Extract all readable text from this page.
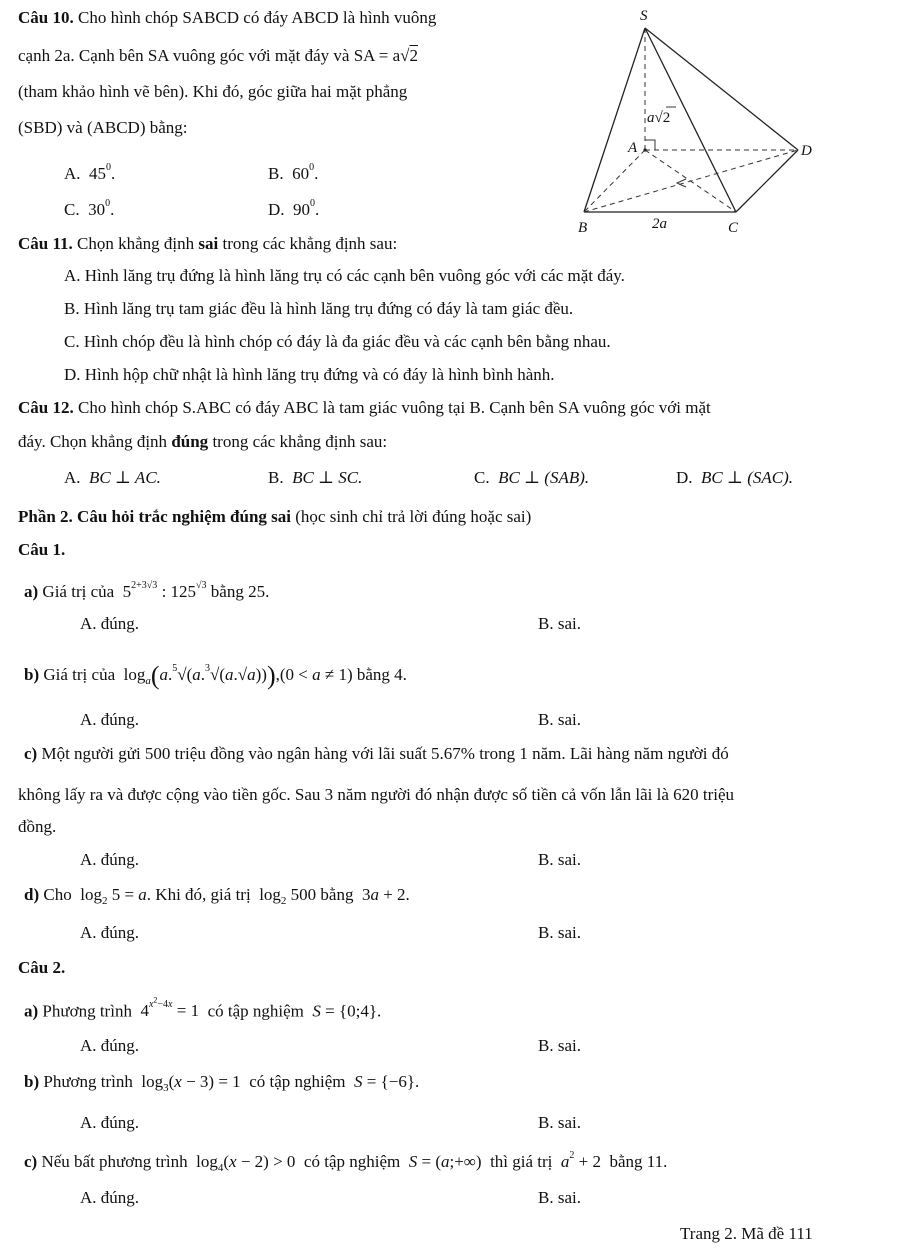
Câu 10. Cho hình chóp SABCD có đáy ABCD là hình vuông
cạnh 2a. Cạnh bên SA vuông góc với mặt đáy và SA = a√2
(tham khảo hình vẽ bên). Khi đó, góc giữa hai mặt phẳng
(SBD) và (ABCD) bằng:
A. $45^0$.	B. $60^0$.
C. $30^0$.	D. $90^0$.
S
A
B	C
D
2a
a√2
Câu 11. Chọn khẳng định sai trong các khẳng định sau:
A. Hình lăng trụ đứng là hình lăng trụ có các cạnh bên vuông góc với các mặt đáy.
B. Hình lăng trụ tam giác đều là hình lăng trụ đứng có đáy là tam giác đều.
C. Hình chóp đều là hình chóp có đáy là đa giác đều và các cạnh bên bằng nhau.
D. Hình hộp chữ nhật là hình lăng trụ đứng và có đáy là hình bình hành.
Câu 12. Cho hình chóp S.ABC có đáy ABC là tam giác vuông tại B. Cạnh bên SA vuông góc với mặt
đáy. Chọn khẳng định đúng trong các khẳng định sau:
A. BC ⊥ AC.	B. BC ⊥ SC.	C. BC ⊥ (SAB).	D. BC ⊥ (SAC).
Phần 2. Câu hỏi trắc nghiệm đúng sai (học sinh chỉ trả lời đúng hoặc sai)
Câu 1.
a) Giá trị của  $5^{2+3√3}$ : $125^{√3}$ bằng 25.
A. đúng.	B. sai.
b) Giá trị của  $\log_a(a.^5√(a.^3√(a.√a))),(0 < a \ne 1)$ bằng 4.
A. đúng.	B. sai.
c) Một người gửi 500 triệu đồng vào ngân hàng với lãi suất 5.67% trong 1 năm. Lãi hàng năm người đó
không lấy ra và được cộng vào tiền gốc. Sau 3 năm người đó nhận được số tiền cả vốn lẫn lãi là 620 triệu
đồng.
A. đúng.	B. sai.
d) Cho  $\log_2 5 = a$. Khi đó, giá trị  $\log_2 500$ bằng  3a + 2.
A. đúng.	B. sai.
Câu 2.
a) Phương trình  $4^{x^2-4x} = 1$  có tập nghiệm S = {0;4}.
A. đúng.	B. sai.
b) Phương trình  $\log_3(x - 3) = 1$  có tập nghiệm S = {−6}.
A. đúng.	B. sai.
c) Nếu bất phương trình  $\log_4(x - 2) > 0$  có tập nghiệm S = (a;+∞)  thì giá trị $a^2 + 2$  bằng 11.
A. đúng.	B. sai.
Trang 2. Mã đề 111
